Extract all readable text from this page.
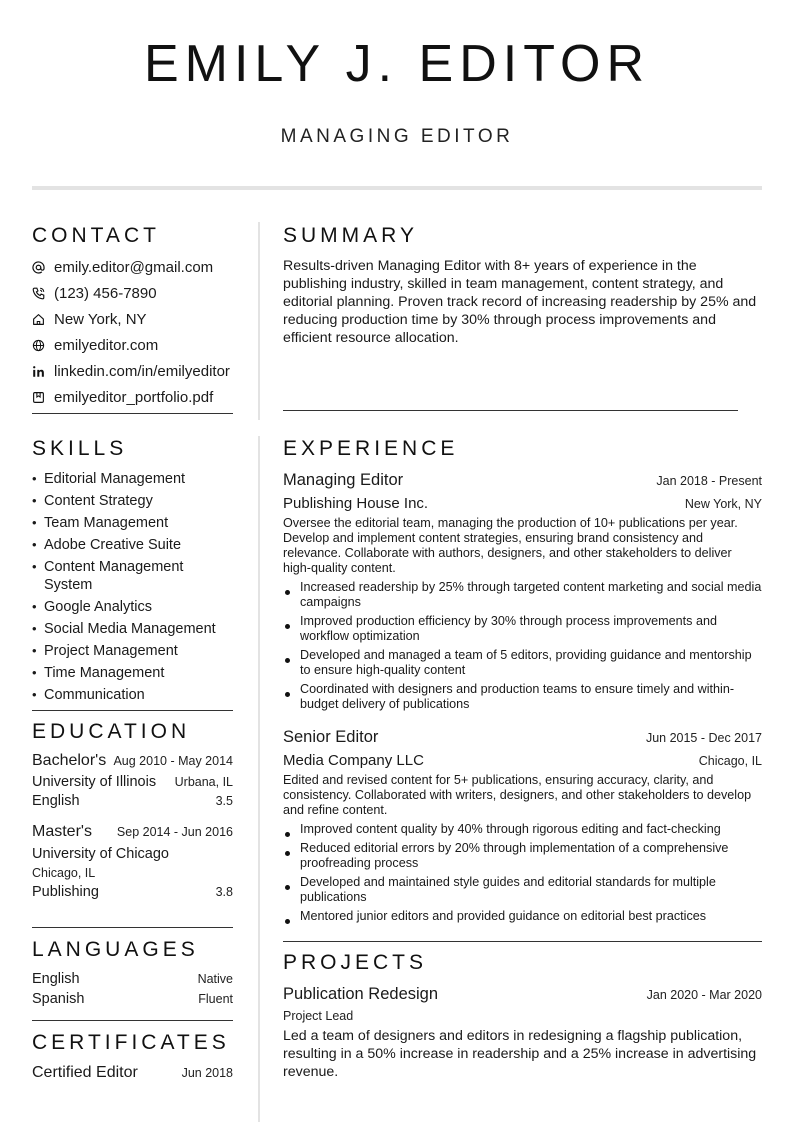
EMILY J. EDITOR
MANAGING EDITOR
CONTACT
emily.editor@gmail.com
(123) 456-7890
New York, NY
emilyeditor.com
linkedin.com/in/emilyeditor
emilyeditor_portfolio.pdf
SUMMARY
Results-driven Managing Editor with 8+ years of experience in the publishing industry, skilled in team management, content strategy, and editorial planning. Proven track record of increasing readership by 25% and reducing production time by 30% through process improvements and efficient resource allocation.
SKILLS
• Editorial Management
• Content Strategy
• Team Management
• Adobe Creative Suite
• Content Management System
• Google Analytics
• Social Media Management
• Project Management
• Time Management
• Communication
EDUCATION
Bachelor's Aug 2010 - May 2014
University of Illinois Urbana, IL
English	3.5
Master's Sep 2014 - Jun 2016
University of Chicago
Chicago, IL
Publishing	3.8
LANGUAGES
English	Native
Spanish	Fluent
CERTIFICATES
Certified Editor	Jun 2018
EXPERIENCE
Managing Editor	Jan 2018 - Present
Publishing House Inc.	New York, NY
Oversee the editorial team, managing the production of 10+ publications per year. Develop and implement content strategies, ensuring brand consistency and relevance. Collaborate with authors, designers, and other stakeholders to deliver high-quality content.
Increased readership by 25% through targeted content marketing and social media campaigns
Improved production efficiency by 30% through process improvements and workflow optimization
Developed and managed a team of 5 editors, providing guidance and mentorship to ensure high-quality content
Coordinated with designers and production teams to ensure timely and within-budget delivery of publications
Senior Editor	Jun 2015 - Dec 2017
Media Company LLC	Chicago, IL
Edited and revised content for 5+ publications, ensuring accuracy, clarity, and consistency. Collaborated with writers, designers, and other stakeholders to develop and refine content.
Improved content quality by 40% through rigorous editing and fact-checking
Reduced editorial errors by 20% through implementation of a comprehensive proofreading process
Developed and maintained style guides and editorial standards for multiple publications
Mentored junior editors and provided guidance on editorial best practices
PROJECTS
Publication Redesign	Jan 2020 - Mar 2020
Project Lead
Led a team of designers and editors in redesigning a flagship publication, resulting in a 50% increase in readership and a 25% increase in advertising revenue.
